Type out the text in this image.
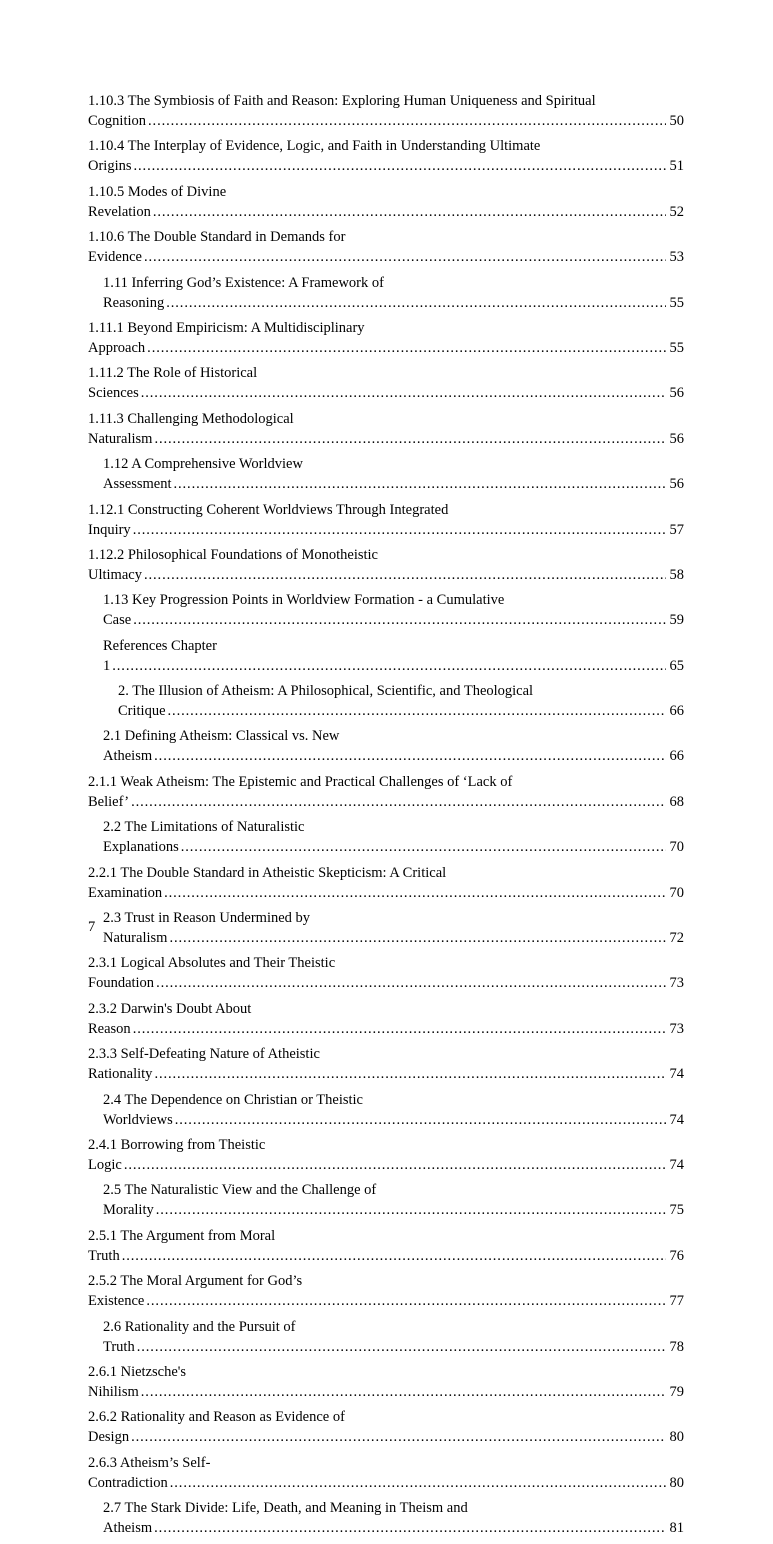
1.10.3 The Symbiosis of Faith and Reason: Exploring Human Uniqueness and Spiritual Cognition .....	50
1.10.4 The Interplay of Evidence, Logic, and Faith in Understanding Ultimate Origins .....	51
1.10.5 Modes of Divine Revelation .....	52
1.10.6 The Double Standard in Demands for Evidence .....	53
1.11 Inferring God’s Existence: A Framework of Reasoning .....	55
1.11.1 Beyond Empiricism: A Multidisciplinary Approach .....	55
1.11.2 The Role of Historical Sciences .....	56
1.11.3 Challenging Methodological Naturalism .....	56
1.12 A Comprehensive Worldview Assessment .....	56
1.12.1 Constructing Coherent Worldviews Through Integrated Inquiry .....	57
1.12.2 Philosophical Foundations of Monotheistic Ultimacy .....	58
1.13 Key Progression Points in Worldview Formation - a Cumulative Case .....	59
References Chapter 1 .....	65
2. The Illusion of Atheism: A Philosophical, Scientific, and Theological Critique .....	66
2.1 Defining Atheism: Classical vs. New Atheism .....	66
2.1.1 Weak Atheism: The Epistemic and Practical Challenges of ‘Lack of Belief’ .....	68
2.2 The Limitations of Naturalistic Explanations .....	70
2.2.1 The Double Standard in Atheistic Skepticism: A Critical Examination .....	70
2.3 Trust in Reason Undermined by Naturalism .....	72
2.3.1 Logical Absolutes and Their Theistic Foundation .....	73
2.3.2 Darwin's Doubt About Reason .....	73
2.3.3 Self-Defeating Nature of Atheistic Rationality .....	74
2.4 The Dependence on Christian or Theistic Worldviews .....	74
2.4.1 Borrowing from Theistic Logic .....	74
2.5 The Naturalistic View and the Challenge of Morality .....	75
2.5.1 The Argument from Moral Truth .....	76
2.5.2 The Moral Argument for God’s Existence .....	77
2.6 Rationality and the Pursuit of Truth .....	78
2.6.1 Nietzsche's Nihilism .....	79
2.6.2 Rationality and Reason as Evidence of Design .....	80
2.6.3 Atheism’s Self-Contradiction .....	80
2.7 The Stark Divide: Life, Death, and Meaning in Theism and Atheism .....	81
7
